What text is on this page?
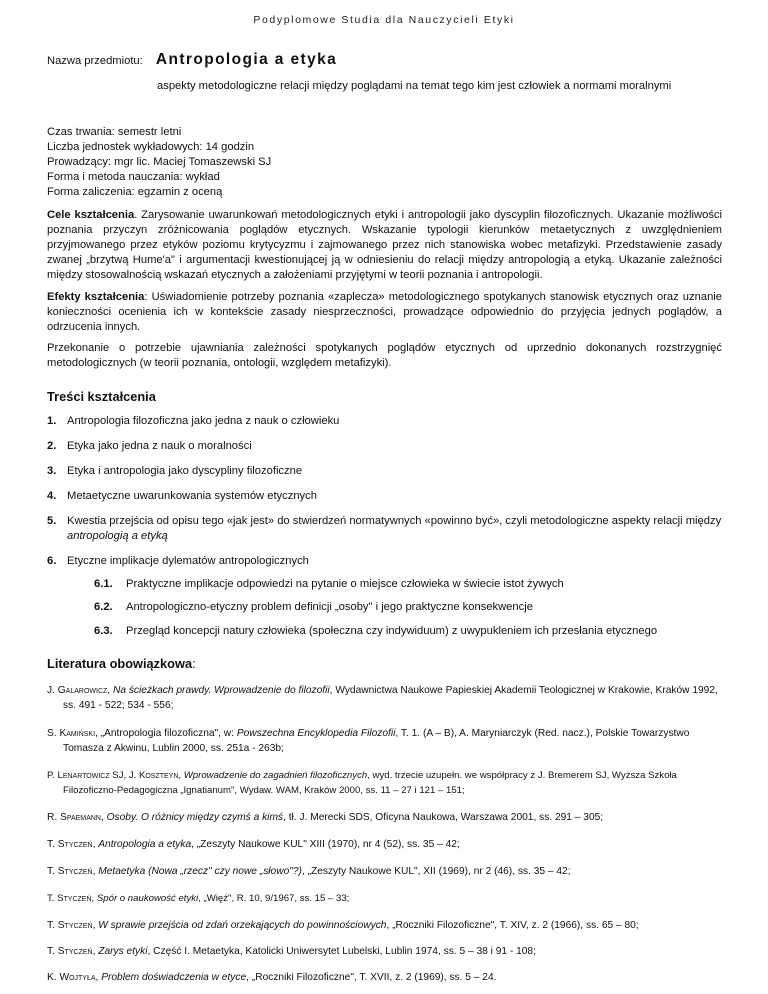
Podyplomowe Studia dla Nauczycieli Etyki
Nazwa przedmiotu: Antropologia a etyka
aspekty metodologiczne relacji między poglądami na temat tego kim jest człowiek a normami moralnymi
Czas trwania: semestr letni
Liczba jednostek wykładowych: 14 godzin
Prowadzący: mgr lic. Maciej Tomaszewski SJ
Forma i metoda nauczania: wykład
Forma zaliczenia: egzamin z oceną
Cele kształcenia. Zarysowanie uwarunkowań metodologicznych etyki i antropologii jako dyscyplin filozoficznych. Ukazanie możliwości poznania przyczyn zróżnicowania poglądów etycznych. Wskazanie typologii kierunków metaetycznych z uwzględnieniem przyjmowanego przez etyków poziomu krytycyzmu i zajmowanego przez nich stanowiska wobec metafizyki. Przedstawienie zasady zwanej „brzytwą Hume'a" i argumentacji kwestionującej ją w odniesieniu do relacji między antropologią a etyką. Ukazanie zależności między stosowalnością wskazań etycznych a założeniami przyjętymi w teorii poznania i antropologii.
Efekty kształcenia: Uświadomienie potrzeby poznania «zaplecza» metodologicznego spotykanych stanowisk etycznych oraz uznanie konieczności ocenienia ich w kontekście zasady niesprzeczności, prowadzące odpowiednio do przyjęcia jednych poglądów, a odrzucenia innych.
Przekonanie o potrzebie ujawniania zależności spotykanych poglądów etycznych od uprzednio dokonanych rozstrzygnięć metodologicznych (w teorii poznania, ontologii, względem metafizyki).
Treści kształcenia
1. Antropologia filozoficzna jako jedna z nauk o człowieku
2. Etyka jako jedna z nauk o moralności
3. Etyka i antropologia jako dyscypliny filozoficzne
4. Metaetyczne uwarunkowania systemów etycznych
5. Kwestia przejścia od opisu tego «jak jest» do stwierdzeń normatywnych «powinno być», czyli metodologiczne aspekty relacji między antropologią a etyką
6. Etyczne implikacje dylematów antropologicznych
6.1. Praktyczne implikacje odpowiedzi na pytanie o miejsce człowieka w świecie istot żywych
6.2. Antropologiczno-etyczny problem definicji „osoby" i jego praktyczne konsekwencje
6.3. Przegląd koncepcji natury człowieka (społeczna czy indywiduum) z uwypukleniem ich przesłania etycznego
Literatura obowiązkowa:
J. Galarowicz, Na ścieżkach prawdy. Wprowadzenie do filozofii, Wydawnictwa Naukowe Papieskiej Akademii Teologicznej w Krakowie, Kraków 1992, ss. 491 - 522; 534 - 556;
S. Kamiński, „Antropologia filozoficzna", w: Powszechna Encyklopedia Filozofii, T. 1. (A – B), A. Maryniarczyk (Red. nacz.), Polskie Towarzystwo Tomasza z Akwinu, Lublin 2000, ss. 251a - 263b;
P. Lenartowicz SJ, J. Koszteyn, Wprowadzenie do zagadnień filozoficznych, wyd. trzecie uzupełn. we współpracy z J. Bremerem SJ, Wyższa Szkoła Filozoficzno-Pedagogiczna „Ignatianum", Wydaw. WAM, Kraków 2000, ss. 11 – 27 i 121 – 151;
R. Spaemann, Osoby. O różnicy między czymś a kimś, tł. J. Merecki SDS, Oficyna Naukowa, Warszawa 2001, ss. 291 – 305;
T. Styczeń, Antropologia a etyka, „Zeszyty Naukowe KUL" XIII (1970), nr 4 (52), ss. 35 – 42;
T. Styczeń, Metaetyka (Nowa „rzecz" czy nowe „słowo"?), „Zeszyty Naukowe KUL", XII (1969), nr 2 (46), ss. 35 – 42;
T. Styczeń, Spór o naukowość etyki, „Więź", R. 10, 9/1967, ss. 15 – 33;
T. Styczeń, W sprawie przejścia od zdań orzekających do powinnościowych, „Roczniki Filozoficzne", T. XIV, z. 2 (1966), ss. 65 – 80;
T. Styczeń, Zarys etyki, Część I. Metaetyka, Katolicki Uniwersytet Lubelski, Lublin 1974, ss. 5 – 38 i 91 - 108;
K. Wojtyła, Problem doświadczenia w etyce, „Roczniki Filozoficzne", T. XVII, z. 2 (1969), ss. 5 – 24.
